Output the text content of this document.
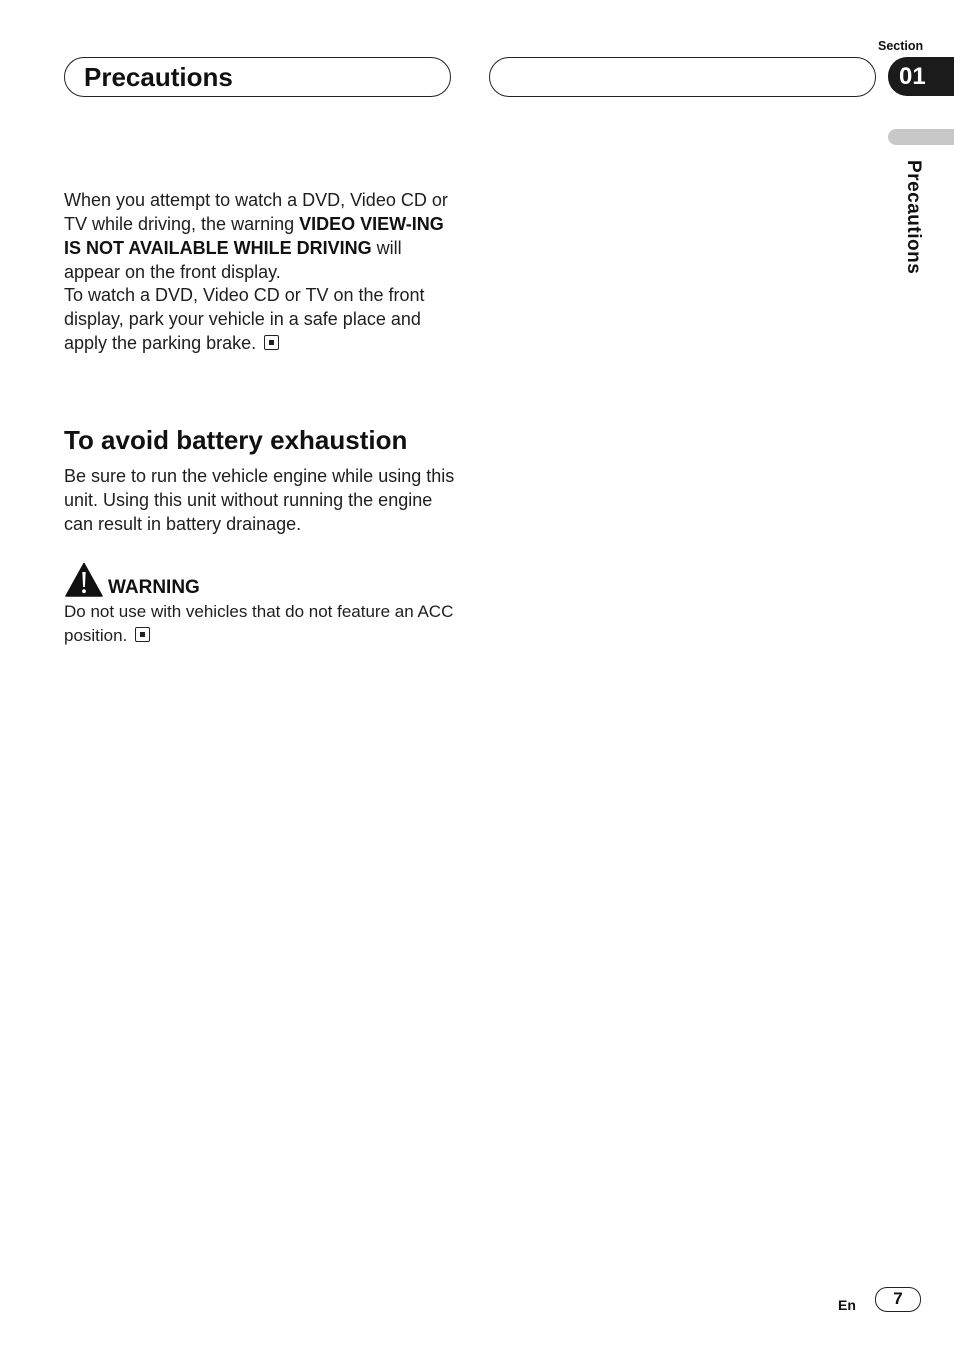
Precautions
Section
01
Precautions

When you attempt to watch a DVD, Video CD or TV while driving, the warning VIDEO VIEW-ING IS NOT AVAILABLE WHILE DRIVING will appear on the front display.

To watch a DVD, Video CD or TV on the front display, park your vehicle in a safe place and apply the parking brake.

To avoid battery exhaustion

Be sure to run the vehicle engine while using this unit. Using this unit without running the engine can result in battery drainage.

WARNING
Do not use with vehicles that do not feature an ACC position.
En	7
